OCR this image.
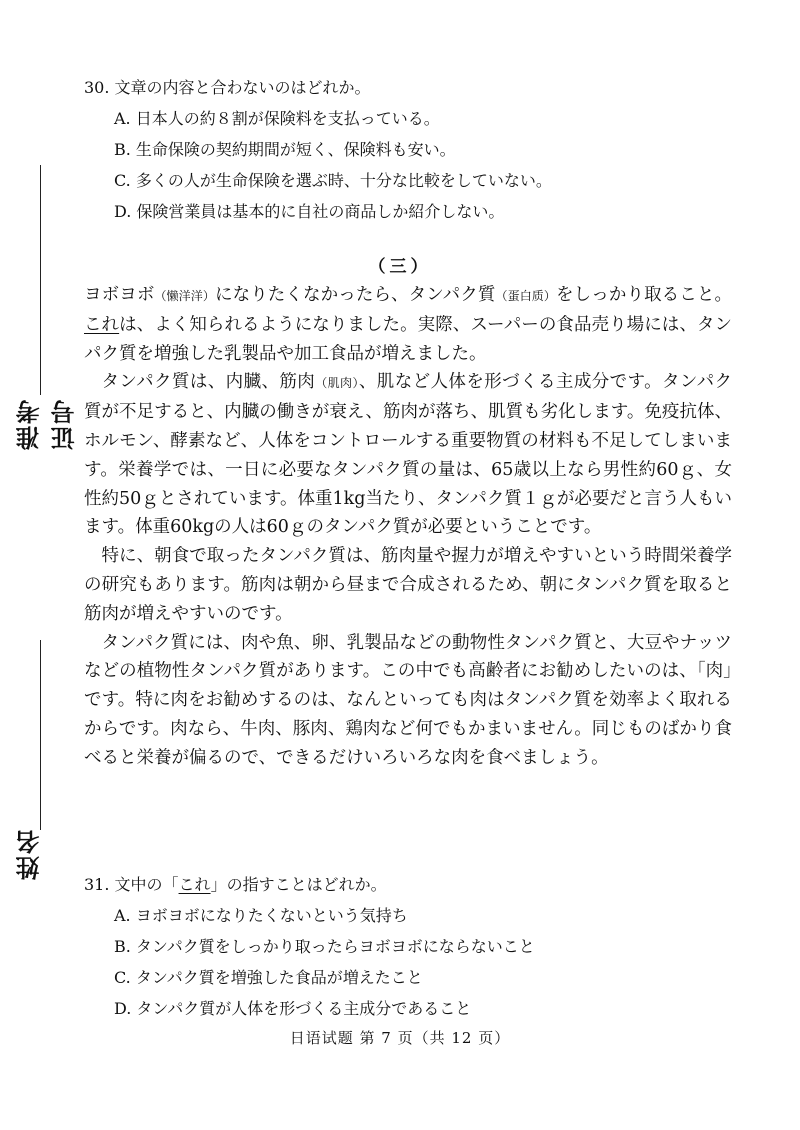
准考证号
姓名

30. 文章の内容と合わないのはどれか。

A. 日本人の約８割が保険料を支払っている。

B. 生命保険の契約期間が短く、保険料も安い。

C. 多くの人が生命保険を選ぶ時、十分な比較をしていない。

D. 保険営業員は基本的に自社の商品しか紹介しない。

（三）

ヨボヨボ（懒洋洋）になりたくなかったら、タンパク質（蛋白质）をしっかり取ること。これは、よく知られるようになりました。実際、スーパーの食品売り場には、タンパク質を増強した乳製品や加工食品が増えました。

タンパク質は、内臓、筋肉（肌肉）、肌など人体を形づくる主成分です。タンパク質が不足すると、内臓の働きが衰え、筋肉が落ち、肌質も劣化します。免疫抗体、ホルモン、酵素など、人体をコントロールする重要物質の材料も不足してしまいます。栄養学では、一日に必要なタンパク質の量は、65歳以上なら男性約60ｇ、女性約50ｇとされています。体重1kg当たり、タンパク質１ｇが必要だと言う人もいます。体重60kgの人は60ｇのタンパク質が必要ということです。

特に、朝食で取ったタンパク質は、筋肉量や握力が増えやすいという時間栄養学の研究もあります。筋肉は朝から昼まで合成されるため、朝にタンパク質を取ると筋肉が増えやすいのです。

タンパク質には、肉や魚、卵、乳製品などの動物性タンパク質と、大豆やナッツなどの植物性タンパク質があります。この中でも高齢者にお勧めしたいのは、「肉」です。特に肉をお勧めするのは、なんといっても肉はタンパク質を効率よく取れるからです。肉なら、牛肉、豚肉、鶏肉など何でもかまいません。同じものばかり食べると栄養が偏るので、できるだけいろいろな肉を食べましょう。

31. 文中の「これ」の指すことはどれか。

A. ヨボヨボになりたくないという気持ち

B. タンパク質をしっかり取ったらヨボヨボにならないこと

C. タンパク質を増強した食品が増えたこと

D. タンパク質が人体を形づくる主成分であること

日语试题 第 7 页（共 12 页）
